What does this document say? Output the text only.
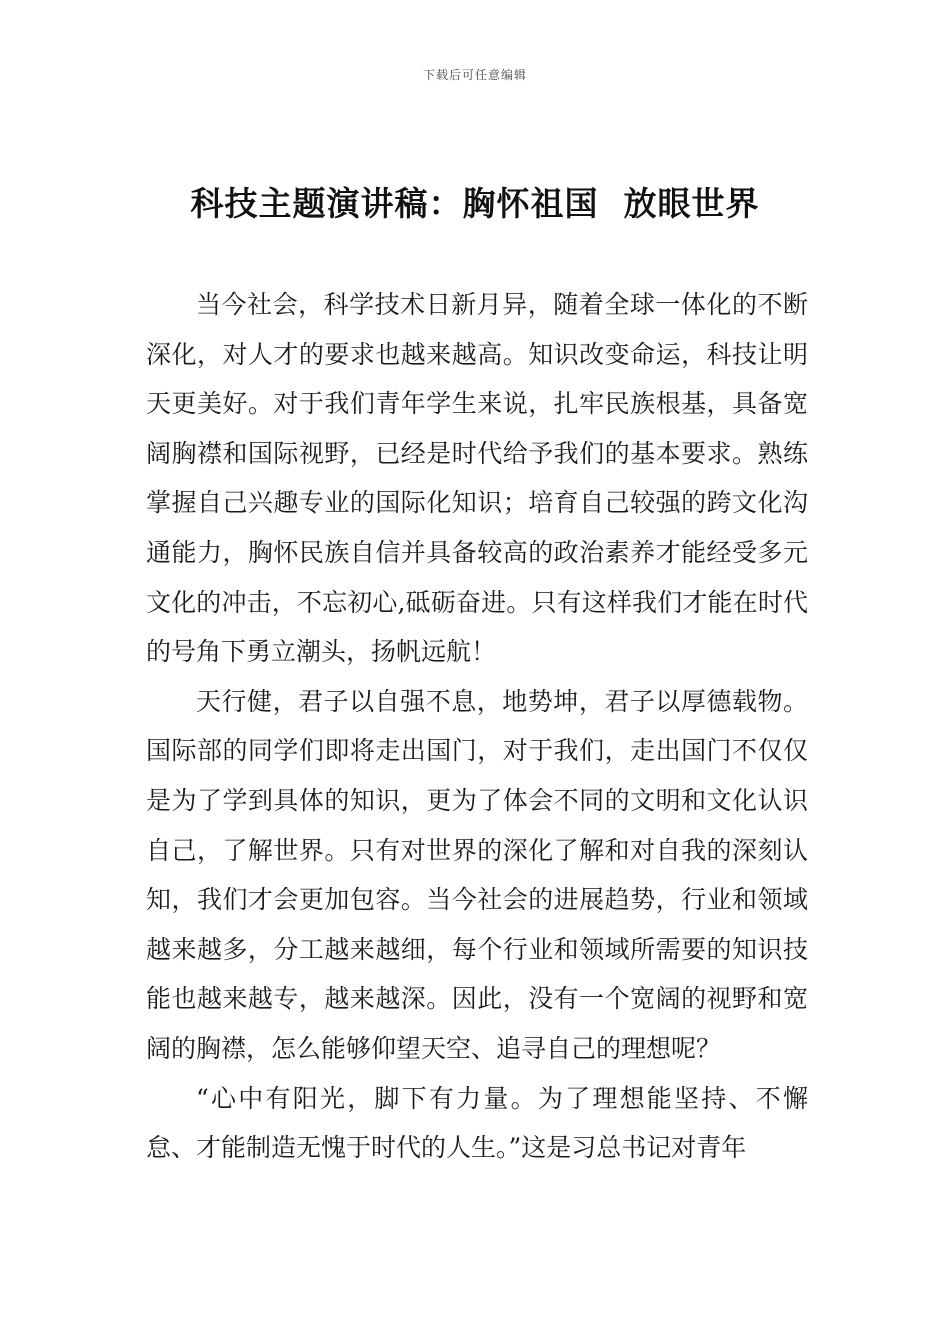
下载后可任意编辑
科技主题演讲稿：胸怀祖国  放眼世界

当今社会，科学技术日新月异，随着全球一体化的不断深化，对人才的要求也越来越高。知识改变命运，科技让明天更美好。对于我们青年学生来说，扎牢民族根基，具备宽阔胸襟和国际视野，已经是时代给予我们的基本要求。熟练掌握自己兴趣专业的国际化知识；培育自己较强的跨文化沟通能力，胸怀民族自信并具备较高的政治素养才能经受多元文化的冲击，不忘初心,砥砺奋进。只有这样我们才能在时代的号角下勇立潮头，扬帆远航！

天行健，君子以自强不息，地势坤，君子以厚德载物。国际部的同学们即将走出国门，对于我们，走出国门不仅仅是为了学到具体的知识，更为了体会不同的文明和文化认识自己，了解世界。只有对世界的深化了解和对自我的深刻认知，我们才会更加包容。当今社会的进展趋势，行业和领域越来越多，分工越来越细，每个行业和领域所需要的知识技能也越来越专，越来越深。因此，没有一个宽阔的视野和宽阔的胸襟，怎么能够仰望天空、追寻自己的理想呢？

“心中有阳光，脚下有力量。为了理想能坚持、不懈怠、才能制造无愧于时代的人生。”这是习总书记对青年
